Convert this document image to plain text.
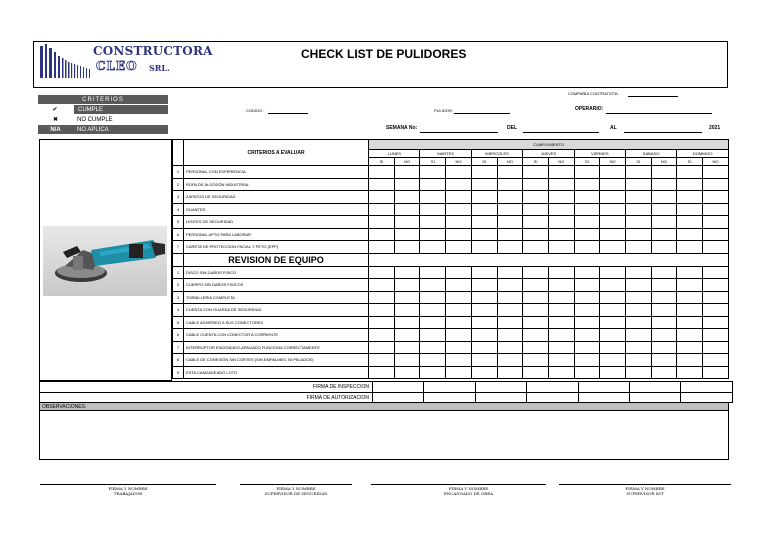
CONSTRUCTORA
CLEO SRL.
CHECK LIST DE PULIDORES
CRITERIOS	
✔	CUMPLE
✖	NO CUMPLE
N/A	NO APLICA
COMPAÑÍA CONTRATISTA:
CODIGO :	PULIDOR:	OPERARIO:
SEMANA No:	DEL	AL	2021
	CRITERIOS A EVALUAR	CUMPLIMIENTO													
		LUNES		MARTES		MIERCOLES		JUEVES		VIERNES		SABADO		DOMINGO	
		SI	NO	SI	NO	SI	NO	SI	NO	SI	NO	SI	NO	SI	NO
1	PERSONAL CON EXPERIENCIA														
2	ROPA DE ALGODÓN INDUSTRIAL														
3	ZAPATOS DE SEGURIDAD														
4	GUANTES														
5	LENTES DE SEGURIDAD														
6	PERSONAL APTO PARA LABORAR														
7	CARETA DE PROTECCION FACIAL Y PETO (EPP)														
	REVISION DE EQUIPO														
1	DISCO SIN DAÑOS FISICO														
2	CUERPO SIN DAÑOS FISICOS														
3	TORNILLERIA COMPLETA														
4	CUENTA CON GUARDA DE SEGURIDAD														
5	CABLE ADHERIDO A SUS CONECTORES														
6	CABLE CUENTA CON CONECTOR A CORRIENTE														
7	INTERRUPTOR ENCENDIDO-APAGADO FUNCIONA CORRECTAMENTE														
8	CABLE DE CONEXIÓN SIN CORTES (SIN EMPALMES, NI PELADOS)														
9	ESTA CANDADEADO LOTO														
FIRMA DE INSPECCION							
FIRMA DE AUTORIZACION							
OBSERVACIONES:
FIRMA Y NOMBRE
TRABAJADOR
FIRMA Y NOMBRE
SUPERVISOR DE SEGURIDAD
FIRMA Y NOMBRE
ENCANGADO DE OBRA
FIRMA Y NOMBRE
SUPERVISOR SST
